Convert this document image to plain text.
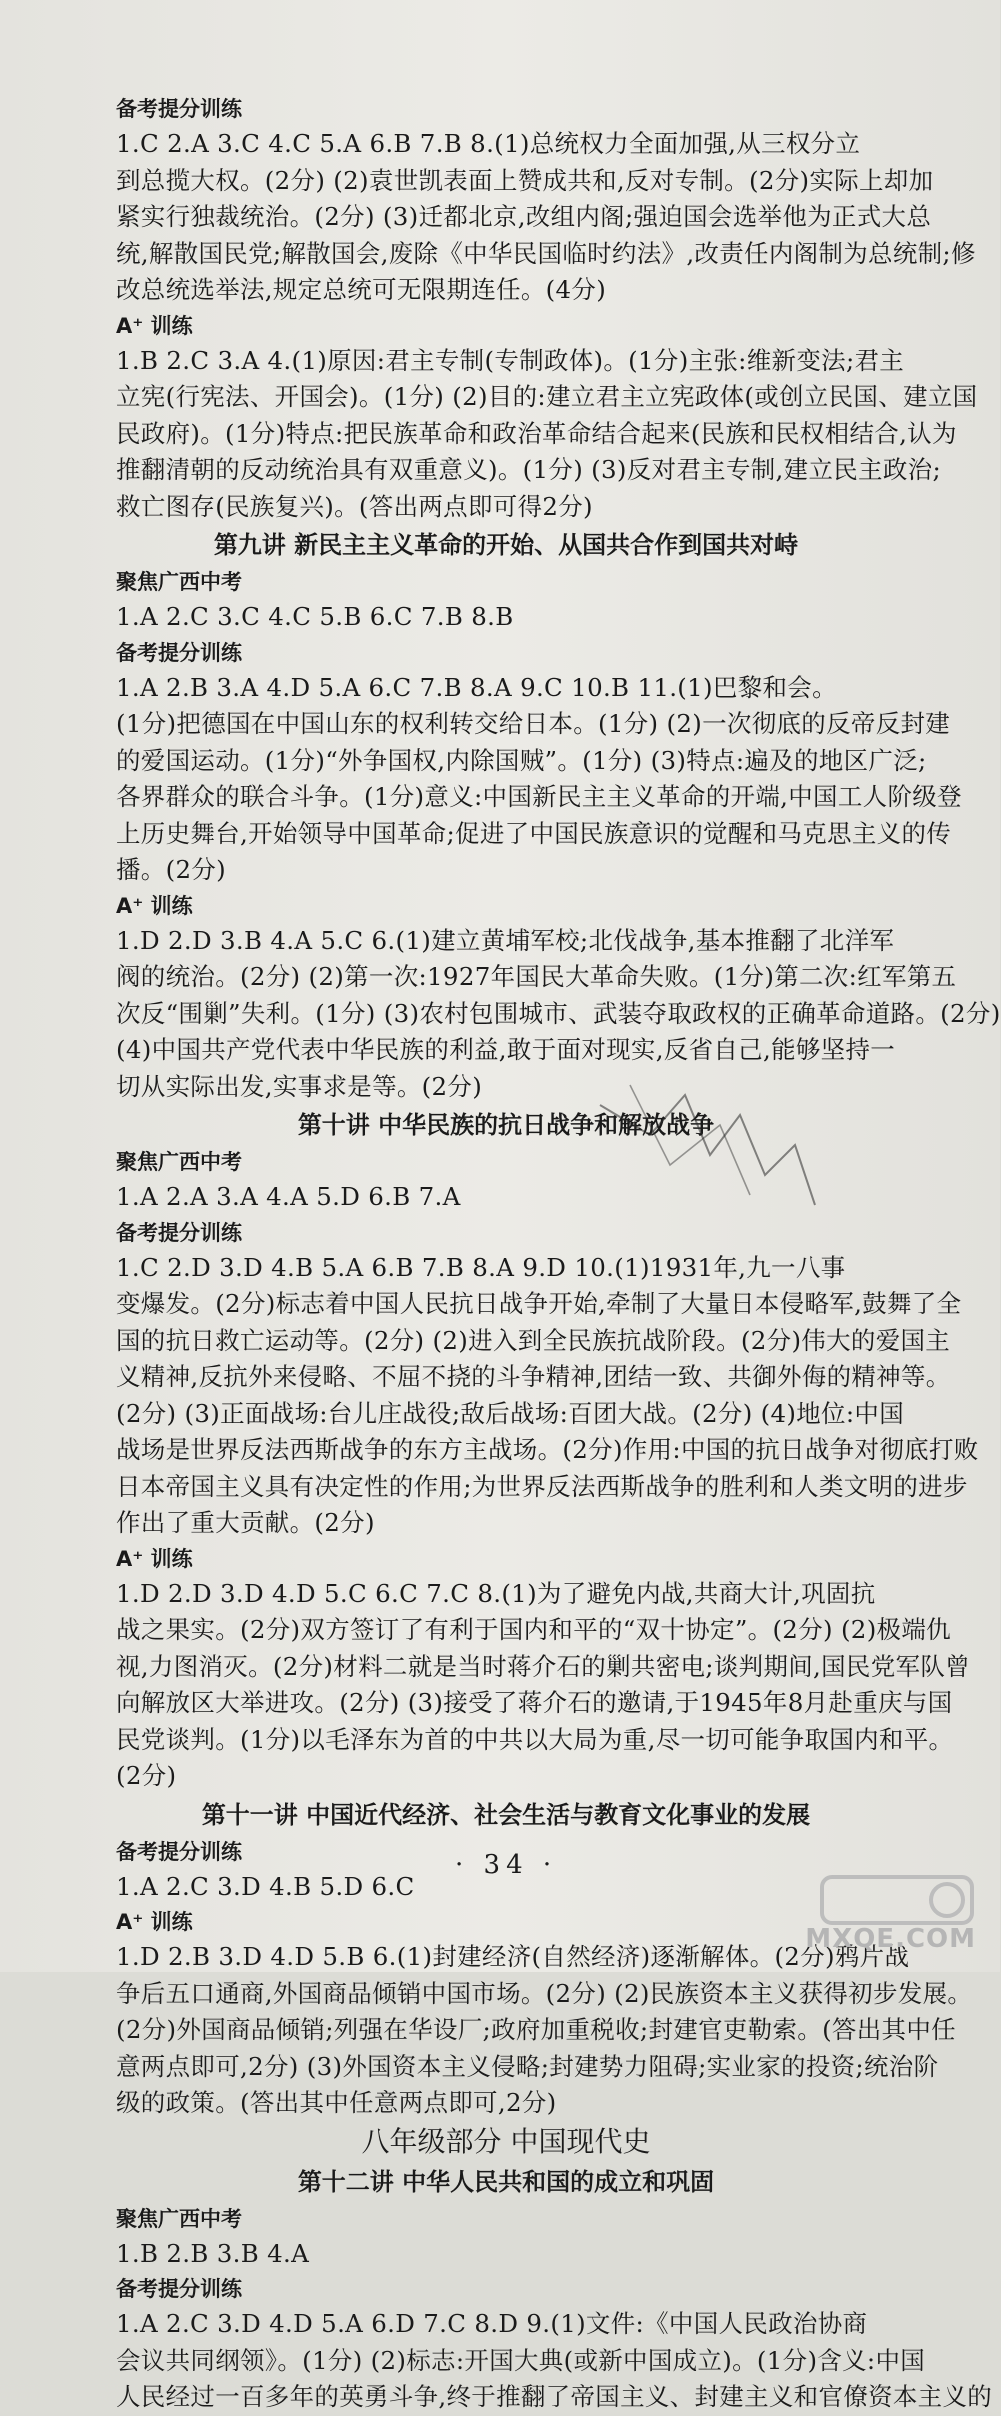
备考提分训练
1.C 2.A 3.C 4.C 5.A 6.B 7.B 8.(1)总统权力全面加强,从三权分立
到总揽大权。(2分) (2)袁世凯表面上赞成共和,反对专制。(2分)实际上却加
紧实行独裁统治。(2分) (3)迁都北京,改组内阁;强迫国会选举他为正式大总
统,解散国民党;解散国会,废除《中华民国临时约法》,改责任内阁制为总统制;修
改总统选举法,规定总统可无限期连任。(4分)
A⁺ 训练
1.B 2.C 3.A 4.(1)原因:君主专制(专制政体)。(1分)主张:维新变法;君主
立宪(行宪法、开国会)。(1分) (2)目的:建立君主立宪政体(或创立民国、建立国
民政府)。(1分)特点:把民族革命和政治革命结合起来(民族和民权相结合,认为
推翻清朝的反动统治具有双重意义)。(1分) (3)反对君主专制,建立民主政治;
救亡图存(民族复兴)。(答出两点即可得2分)
第九讲 新民主主义革命的开始、从国共合作到国共对峙
聚焦广西中考
1.A 2.C 3.C 4.C 5.B 6.C 7.B 8.B
备考提分训练
1.A 2.B 3.A 4.D 5.A 6.C 7.B 8.A 9.C 10.B 11.(1)巴黎和会。
(1分)把德国在中国山东的权利转交给日本。(1分) (2)一次彻底的反帝反封建
的爱国运动。(1分)“外争国权,内除国贼”。(1分) (3)特点:遍及的地区广泛;
各界群众的联合斗争。(1分)意义:中国新民主主义革命的开端,中国工人阶级登
上历史舞台,开始领导中国革命;促进了中国民族意识的觉醒和马克思主义的传
播。(2分)
A⁺ 训练
1.D 2.D 3.B 4.A 5.C 6.(1)建立黄埔军校;北伐战争,基本推翻了北洋军
阀的统治。(2分) (2)第一次:1927年国民大革命失败。(1分)第二次:红军第五
次反“围剿”失利。(1分) (3)农村包围城市、武装夺取政权的正确革命道路。(2分)
(4)中国共产党代表中华民族的利益,敢于面对现实,反省自己,能够坚持一
切从实际出发,实事求是等。(2分)
第十讲 中华民族的抗日战争和解放战争
聚焦广西中考
1.A 2.A 3.A 4.A 5.D 6.B 7.A
备考提分训练
1.C 2.D 3.D 4.B 5.A 6.B 7.B 8.A 9.D 10.(1)1931年,九一八事
变爆发。(2分)标志着中国人民抗日战争开始,牵制了大量日本侵略军,鼓舞了全
国的抗日救亡运动等。(2分) (2)进入到全民族抗战阶段。(2分)伟大的爱国主
义精神,反抗外来侵略、不屈不挠的斗争精神,团结一致、共御外侮的精神等。
(2分) (3)正面战场:台儿庄战役;敌后战场:百团大战。(2分) (4)地位:中国
战场是世界反法西斯战争的东方主战场。(2分)作用:中国的抗日战争对彻底打败
日本帝国主义具有决定性的作用;为世界反法西斯战争的胜利和人类文明的进步
作出了重大贡献。(2分)
A⁺ 训练
1.D 2.D 3.D 4.D 5.C 6.C 7.C 8.(1)为了避免内战,共商大计,巩固抗
战之果实。(2分)双方签订了有利于国内和平的“双十协定”。(2分) (2)极端仇
视,力图消灭。(2分)材料二就是当时蒋介石的剿共密电;谈判期间,国民党军队曾
向解放区大举进攻。(2分) (3)接受了蒋介石的邀请,于1945年8月赴重庆与国
民党谈判。(1分)以毛泽东为首的中共以大局为重,尽一切可能争取国内和平。
(2分)
第十一讲 中国近代经济、社会生活与教育文化事业的发展
备考提分训练
1.A 2.C 3.D 4.B 5.D 6.C
A⁺ 训练
1.D 2.B 3.D 4.D 5.B 6.(1)封建经济(自然经济)逐渐解体。(2分)鸦片战
争后五口通商,外国商品倾销中国市场。(2分) (2)民族资本主义获得初步发展。
(2分)外国商品倾销;列强在华设厂;政府加重税收;封建官吏勒索。(答出其中任
意两点即可,2分) (3)外国资本主义侵略;封建势力阻碍;实业家的投资;统治阶
级的政策。(答出其中任意两点即可,2分)
八年级部分 中国现代史
第十二讲 中华人民共和国的成立和巩固
聚焦广西中考
1.B 2.B 3.B 4.A
备考提分训练
1.A 2.C 3.D 4.D 5.A 6.D 7.C 8.D 9.(1)文件:《中国人民政治协商
会议共同纲领》。(1分) (2)标志:开国大典(或新中国成立)。(1分)含义:中国
人民经过一百多年的英勇斗争,终于推翻了帝国主义、封建主义和官僚资本主义的
· 34 ·
MXQE.COM
